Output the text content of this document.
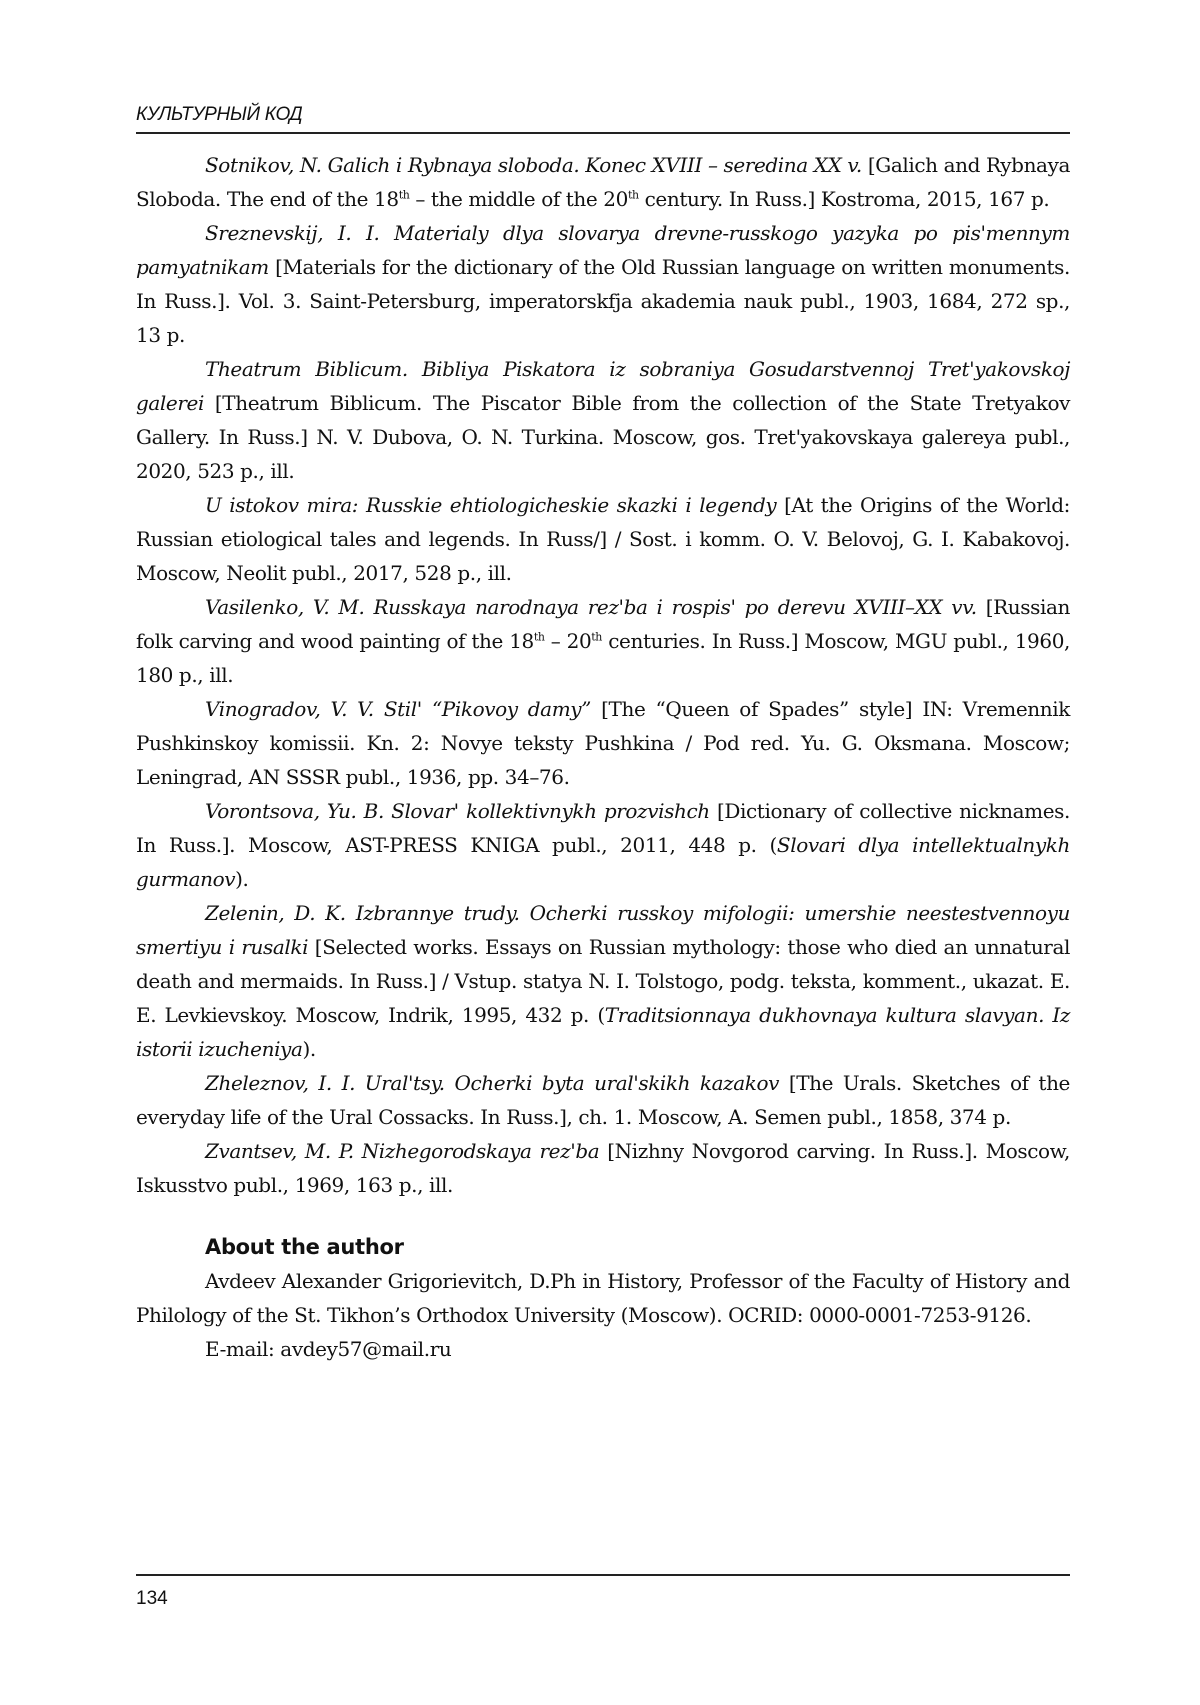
КУЛЬТУРНЫЙ КОД

Sotnikov, N. Galich i Rybnaya sloboda. Konec XVIII – seredina XX v. [Galich and Rybnaya Sloboda. The end of the 18th – the middle of the 20th century. In Russ.] Kostroma, 2015, 167 p.

Sreznevskij, I. I. Materialy dlya slovarya drevne-russkogo yazyka po pis'mennym pamyatnikam [Materials for the dictionary of the Old Russian language on written monuments. In Russ.]. Vol. 3. Saint-Petersburg, imperatorskfja akademia nauk publ., 1903, 1684, 272 sp., 13 p.

Theatrum Biblicum. Bibliya Piskatora iz sobraniya Gosudarstvennoj Tret'yakovskoj galerei [Theatrum Biblicum. The Piscator Bible from the collection of the State Tretyakov Gallery. In Russ.] N. V. Dubova, O. N. Turkina. Moscow, gos. Tret'yakovskaya galereya publ., 2020, 523 p., ill.

U istokov mira: Russkie ehtiologicheskie skazki i legendy [At the Origins of the World: Russian etiological tales and legends. In Russ/] / Sost. i komm. O. V. Belovoj, G. I. Kabakovoj. Moscow, Neolit publ., 2017, 528 p., ill.

Vasilenko, V. M. Russkaya narodnaya rez'ba i rospis' po derevu XVIII–XX vv. [Russian folk carving and wood painting of the 18th – 20th centuries. In Russ.] Moscow, MGU publ., 1960, 180 p., ill.

Vinogradov, V. V. Stil' “Pikovoy damy” [The “Queen of Spades” style] IN: Vremennik Pushkinskoy komissii. Kn. 2: Novye teksty Pushkina / Pod red. Yu. G. Oksmana. Moscow; Leningrad, AN SSSR publ., 1936, pp. 34–76.

Vorontsova, Yu. B. Slovar' kollektivnykh prozvishch [Dictionary of collective nicknames. In Russ.]. Moscow, AST-PRESS KNIGA publ., 2011, 448 p. (Slovari dlya intellektualnykh gurmanov).

Zelenin, D. K. Izbrannye trudy. Ocherki russkoy mifologii: umershie neestestvennoyu smertiyu i rusalki [Selected works. Essays on Russian mythology: those who died an unnatural death and mermaids. In Russ.] / Vstup. statya N. I. Tolstogo, podg. teksta, komment., ukazat. E. E. Levkievskoy. Moscow, Indrik, 1995, 432 p. (Traditsionnaya dukhovnaya kultura slavyan. Iz istorii izucheniya).

Zheleznov, I. I. Ural'tsy. Ocherki byta ural'skikh kazakov [The Urals. Sketches of the everyday life of the Ural Cossacks. In Russ.], ch. 1. Moscow, A. Semen publ., 1858, 374 p.

Zvantsev, M. P. Nizhegorodskaya rez'ba [Nizhny Novgorod carving. In Russ.]. Moscow, Iskusstvo publ., 1969, 163 p., ill.

About the author

Avdeev Alexander Grigorievitch, D.Ph in History, Professor of the Faculty of History and Philology of the St. Tikhon’s Orthodox University (Moscow). OCRID: 0000-0001-7253-9126.

E-mail: avdey57@mail.ru

134
